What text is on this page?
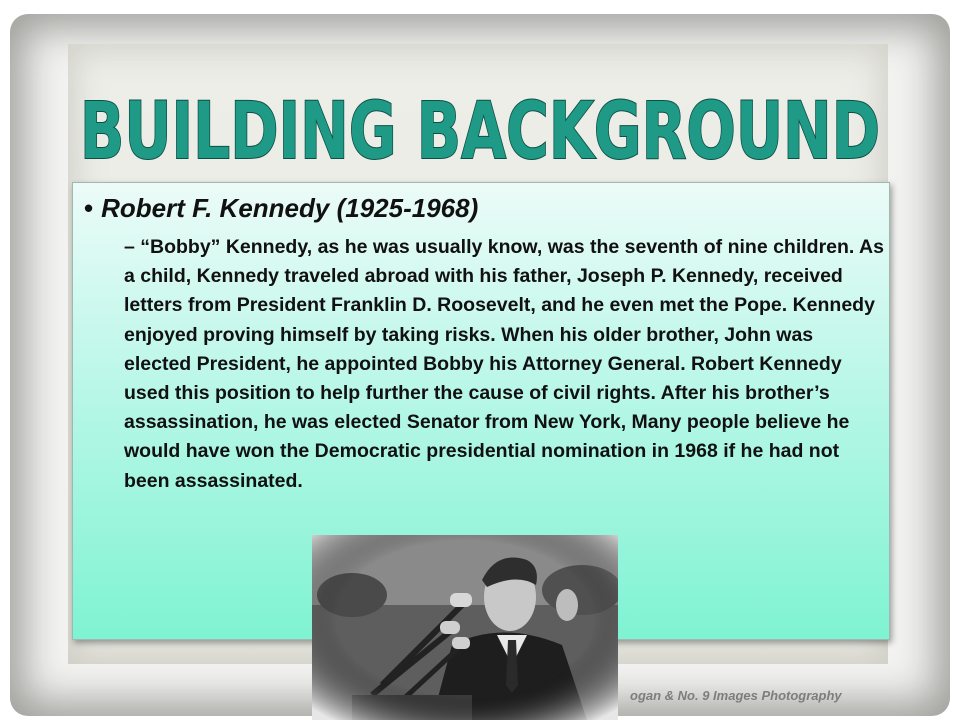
BUILDING BACKGROUND
• Robert F. Kennedy (1925-1968)
– “Bobby” Kennedy, as he was usually know, was the seventh of nine children. As a child, Kennedy traveled abroad with his father, Joseph P. Kennedy, received letters from President Franklin D. Roosevelt, and he even met the Pope. Kennedy enjoyed proving himself by taking risks. When his older brother, John was elected President, he appointed Bobby his Attorney General. Robert Kennedy used this position to help further the cause of civil rights. After his brother’s assassination, he was elected Senator from New York, Many people believe he would have won the Democratic presidential nomination in 1968 if he had not been assassinated.
ogan & No. 9 Images Photography
